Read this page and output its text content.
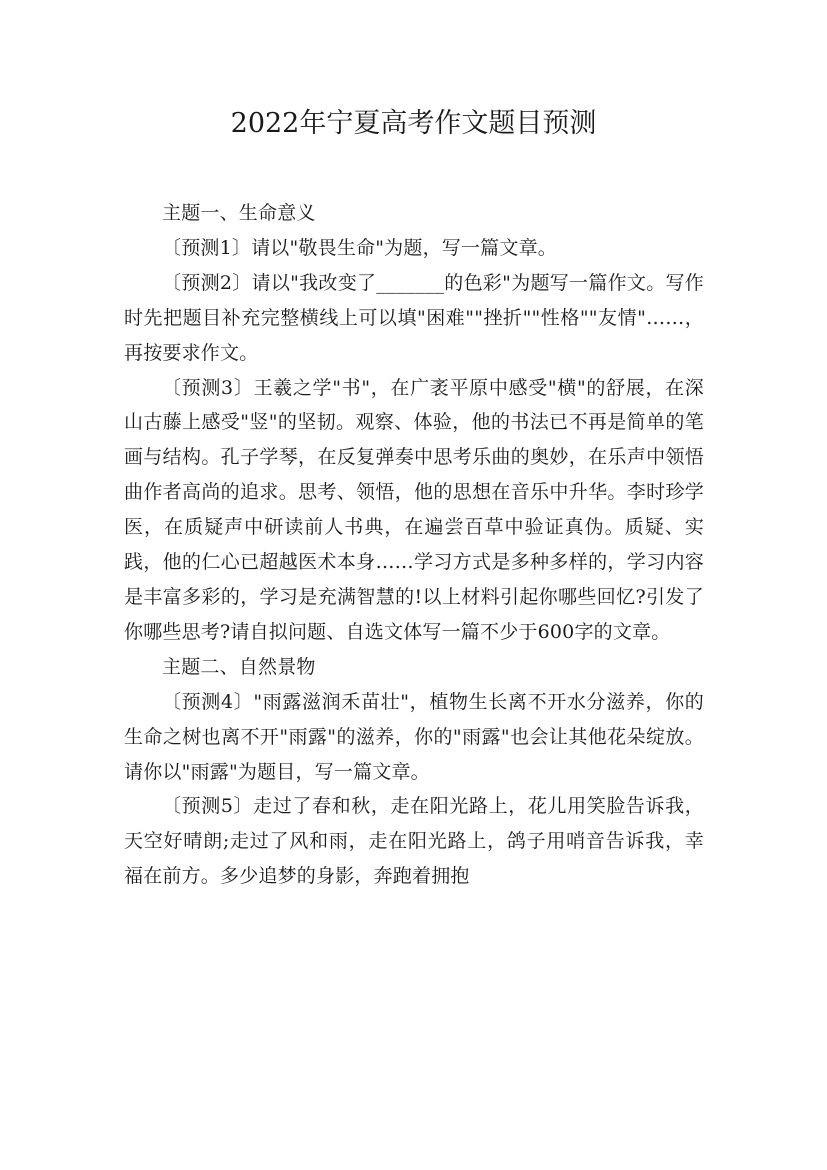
2022年宁夏高考作文题目预测

主题一、生命意义

〔预测1〕请以"敬畏生命"为题，写一篇文章。

〔预测2〕请以"我改变了_______的色彩"为题写一篇作文。写作时先把题目补充完整横线上可以填"困难""挫折""性格""友情"……，再按要求作文。

〔预测3〕王羲之学"书"，在广袤平原中感受"横"的舒展，在深山古藤上感受"竖"的坚韧。观察、体验，他的书法已不再是简单的笔画与结构。孔子学琴，在反复弹奏中思考乐曲的奥妙，在乐声中领悟曲作者高尚的追求。思考、领悟，他的思想在音乐中升华。李时珍学医，在质疑声中研读前人书典，在遍尝百草中验证真伪。质疑、实践，他的仁心已超越医术本身……学习方式是多种多样的，学习内容是丰富多彩的，学习是充满智慧的!以上材料引起你哪些回忆?引发了你哪些思考?请自拟问题、自选文体写一篇不少于600字的文章。

主题二、自然景物

〔预测4〕"雨露滋润禾苗壮"，植物生长离不开水分滋养，你的生命之树也离不开"雨露"的滋养，你的"雨露"也会让其他花朵绽放。请你以"雨露"为题目，写一篇文章。

〔预测5〕走过了春和秋，走在阳光路上，花儿用笑脸告诉我，天空好晴朗;走过了风和雨，走在阳光路上，鸽子用哨音告诉我，幸福在前方。多少追梦的身影，奔跑着拥抱
